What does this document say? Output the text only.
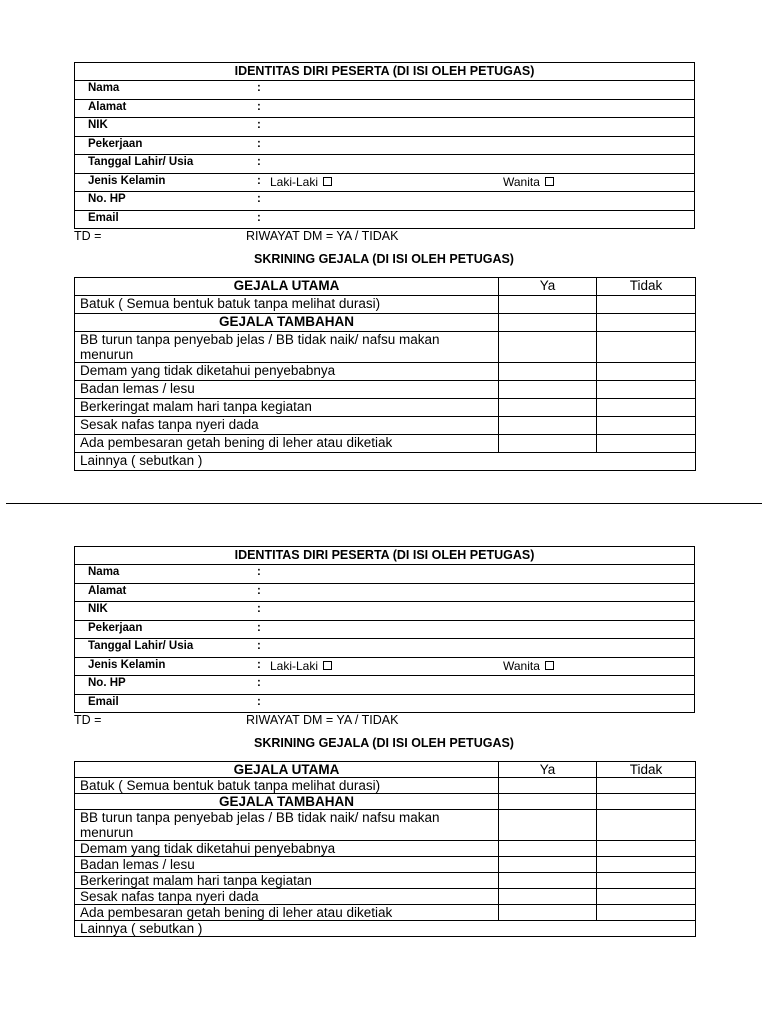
IDENTITAS DIRI PESERTA (DI ISI OLEH PETUGAS)

Nama	:

Alamat	:

NIK	:

Pekerjaan	:

Tanggal Lahir/ Usia	:

Jenis Kelamin	: Laki-Laki	Wanita

No. HP	:

Email	:
TD =	RIWAYAT DM = YA / TIDAK
SKRINING GEJALA (DI ISI OLEH PETUGAS)
GEJALA UTAMA	Ya	Tidak
Batuk ( Semua bentuk batuk tanpa melihat durasi)		
GEJALA TAMBAHAN		
BB turun tanpa penyebab jelas / BB tidak naik/ nafsu makan menurun		
Demam yang tidak diketahui penyebabnya		
Badan lemas / lesu		
Berkeringat malam hari tanpa kegiatan		
Sesak nafas tanpa nyeri dada		
Ada pembesaran getah bening di leher atau diketiak		
Lainnya ( sebutkan )		
IDENTITAS DIRI PESERTA (DI ISI OLEH PETUGAS)

Nama	:

Alamat	:

NIK	:

Pekerjaan	:

Tanggal Lahir/ Usia	:

Jenis Kelamin	: Laki-Laki	Wanita

No. HP	:

Email	:
TD =	RIWAYAT DM = YA / TIDAK
SKRINING GEJALA (DI ISI OLEH PETUGAS)
GEJALA UTAMA	Ya	Tidak
Batuk ( Semua bentuk batuk tanpa melihat durasi)		
GEJALA TAMBAHAN		
BB turun tanpa penyebab jelas / BB tidak naik/ nafsu makan menurun		
Demam yang tidak diketahui penyebabnya		
Badan lemas / lesu		
Berkeringat malam hari tanpa kegiatan		
Sesak nafas tanpa nyeri dada		
Ada pembesaran getah bening di leher atau diketiak		
Lainnya ( sebutkan )		
